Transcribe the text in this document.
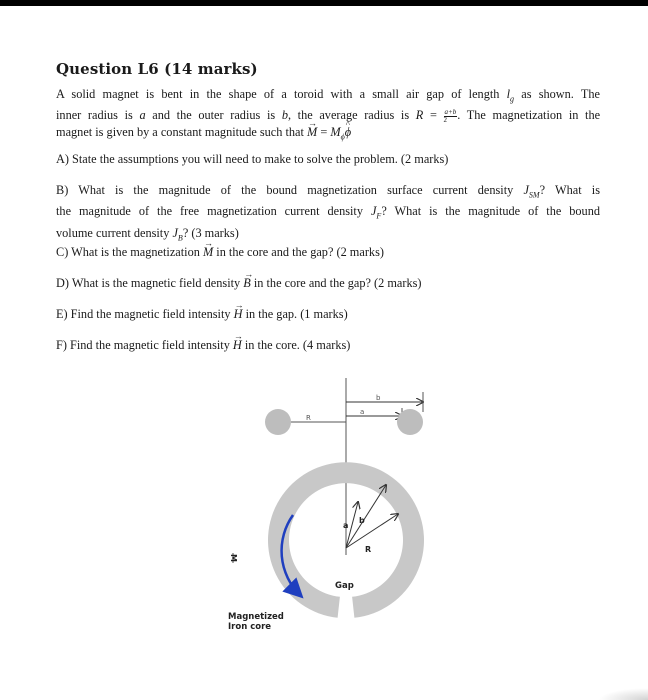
Question L6 (14 marks)
A solid magnet is bent in the shape of a toroid with a small air gap of length $l_g$ as shown. The
inner radius is a and the outer radius is b, the average radius is $R = \frac{a+b}{2}$ . The magnetization in the
magnet is given by a constant magnitude such that → $M = M_\phi\^{}$ ϕ
A) State the assumptions you will need to make to solve the problem. (2 marks)
B) What is the magnitude of the bound magnetization surface current density $J_{SM}$? What is
the magnitude of the free magnetization current density $J_F$? What is the magnitude of the bound
volume current density $J_B$? (3 marks)
C) What is the magnetization → M in the core and the gap? (2 marks)
D) What is the magnetic field density → B in the core and the gap? (2 marks)
E) Find the magnetic field intensity → H in the gap. (1 marks)
F) Find the magnetic field intensity → H in the core. (4 marks)
R
a
b
a
b
R
M
Gap
Magnetized
Iron core
